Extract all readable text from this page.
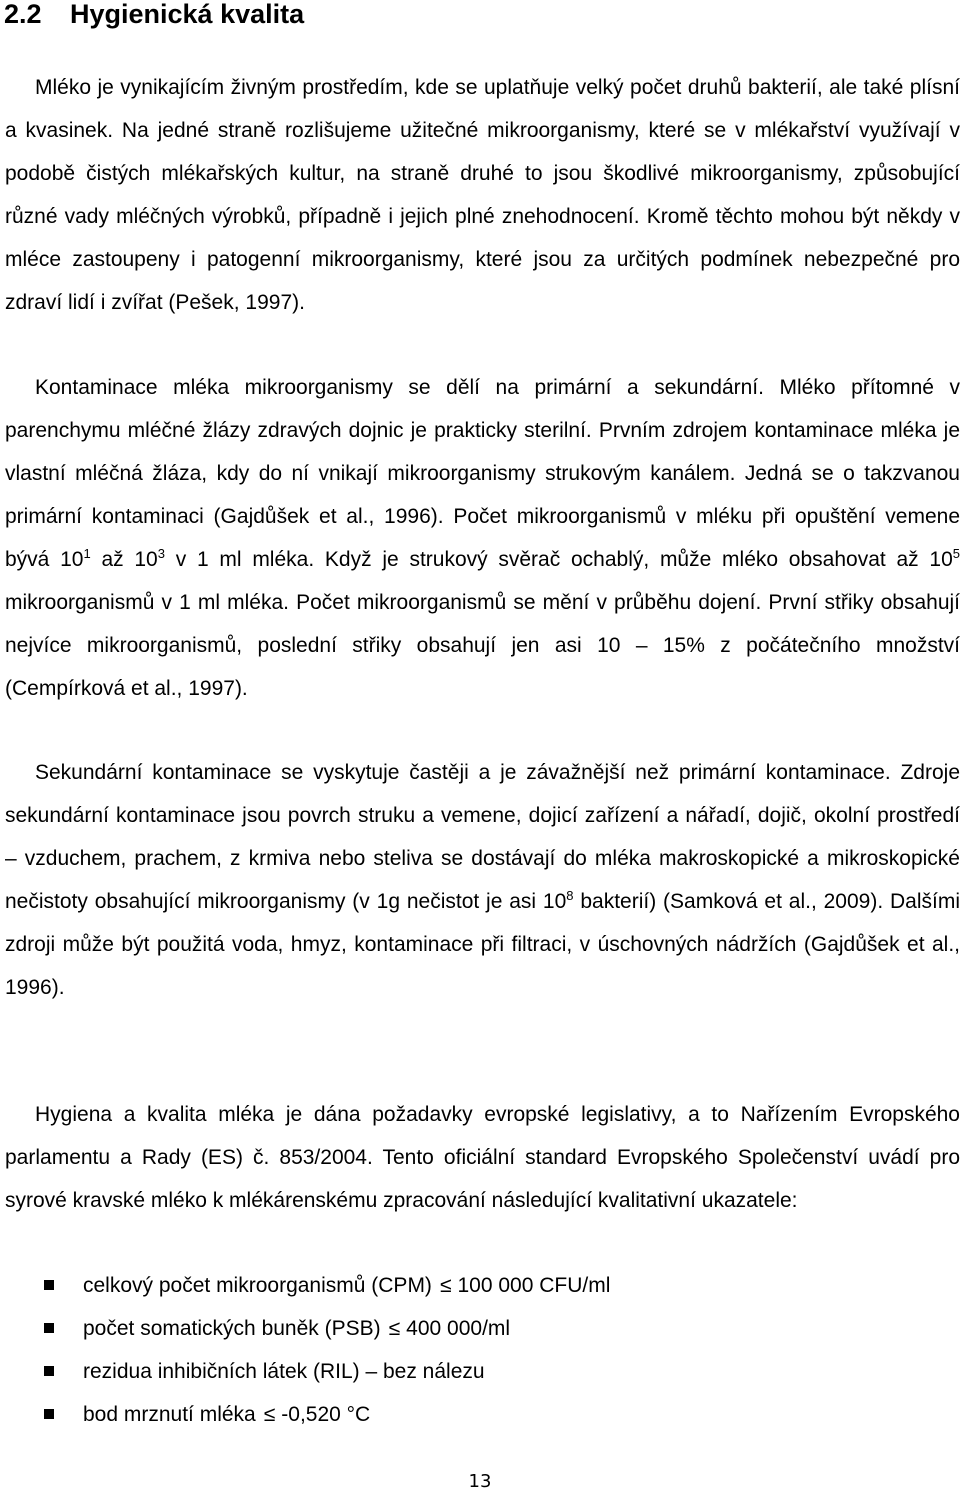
2.2 Hygienická kvalita

Mléko je vynikajícím živným prostředím, kde se uplatňuje velký počet druhů bakterií, ale také plísní a kvasinek. Na jedné straně rozlišujeme užitečné mikroorganismy, které se v mlékařství využívají v podobě čistých mlékařských kultur, na straně druhé to jsou škodlivé mikroorganismy, způsobující různé vady mléčných výrobků, případně i jejich plné znehodnocení. Kromě těchto mohou být někdy v mléce zastoupeny i patogenní mikroorganismy, které jsou za určitých podmínek nebezpečné pro zdraví lidí i zvířat (Pešek, 1997).

Kontaminace mléka mikroorganismy se dělí na primární a sekundární. Mléko přítomné v parenchymu mléčné žlázy zdravých dojnic je prakticky sterilní. Prvním zdrojem kontaminace mléka je vlastní mléčná žláza, kdy do ní vnikají mikroorganismy strukovým kanálem. Jedná se o takzvanou primární kontaminaci (Gajdůšek et al., 1996). Počet mikroorganismů v mléku při opuštění vemene bývá $10^1$ až $10^3$ v 1 ml mléka. Když je strukový svěrač ochablý, může mléko obsahovat až $10^5$ mikroorganismů v 1 ml mléka. Počet mikroorganismů se mění v průběhu dojení. První střiky obsahují nejvíce mikroorganismů, poslední střiky obsahují jen asi 10 – 15% z počátečního množství (Cempírková et al., 1997).

Sekundární kontaminace se vyskytuje častěji a je závažnější než primární kontaminace. Zdroje sekundární kontaminace jsou povrch struku a vemene, dojicí zařízení a nářadí, dojič, okolní prostředí – vzduchem, prachem, z krmiva nebo steliva se dostávají do mléka makroskopické a mikroskopické nečistoty obsahující mikroorganismy (v 1g nečistot je asi $10^8$ bakterií) (Samková et al., 2009). Dalšími zdroji může být použitá voda, hmyz, kontaminace při filtraci, v úschovných nádržích (Gajdůšek et al., 1996).

Hygiena a kvalita mléka je dána požadavky evropské legislativy, a to Nařízením Evropského parlamentu a Rady (ES) č. 853/2004. Tento oficiální standard Evropského Společenství uvádí pro syrové kravské mléko k mlékárenskému zpracování následující kvalitativní ukazatele:

celkový počet mikroorganismů (CPM) ≤ 100 000 CFU/ml
počet somatických buněk (PSB) ≤ 400 000/ml
rezidua inhibičních látek (RIL) – bez nálezu
bod mrznutí mléka ≤ -0,520 °C
13
